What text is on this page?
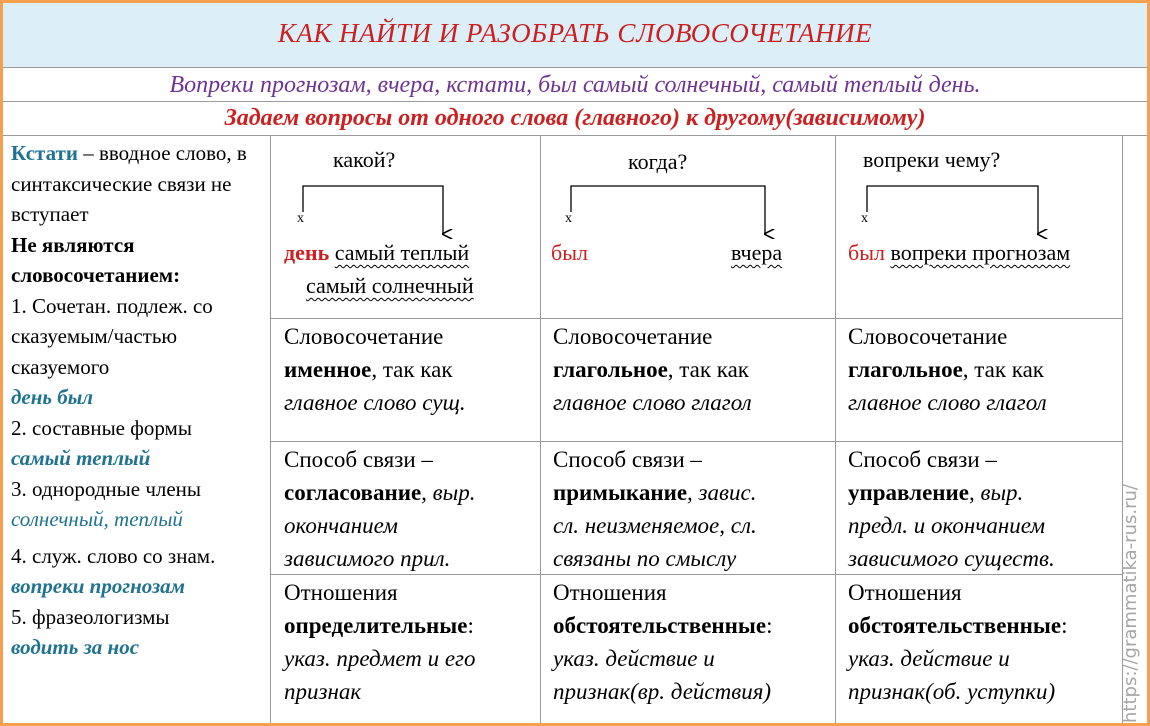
КАК НАЙТИ И РАЗОБРАТЬ СЛОВОСОЧЕТАНИЕ
Вопреки прогнозам, вчера, кстати, был самый солнечный, самый теплый день.
Задаем вопросы от одного слова (главного) к другому(зависимому)
Кстати – вводное слово, в синтаксические связи не вступает
Не являются словосочетанием:
1. Сочетан. подлеж. со сказуемым/частью сказуемого
день был
2. составные формы
самый теплый
3. однородные члены
солнечный, теплый
4. служ. слово со знам. вопреки прогнозам
5. фразеологизмы
водить за нос
какой?
х
день самый теплый
самый солнечный
когда?
х
был	вчера
вопреки чему?
х
был вопреки прогнозам
Словосочетание
именное, так как
главное слово сущ.
Словосочетание
глагольное, так как
главное слово глагол
Словосочетание
глагольное, так как
главное слово глагол
Способ связи –
согласование, выр.
окончанием
зависимого прил.
Способ связи –
примыкание, завис.
сл. неизменяемое, сл.
связаны по смыслу
Способ связи –
управление, выр.
предл. и окончанием
зависимого существ.
Отношения
определительные:
указ. предмет и его
признак
Отношения
обстоятельственные:
указ. действие и
признак(вр. действия)
Отношения
обстоятельственные:
указ. действие и
признак(об. уступки)	https://grammatika-rus.ru/
